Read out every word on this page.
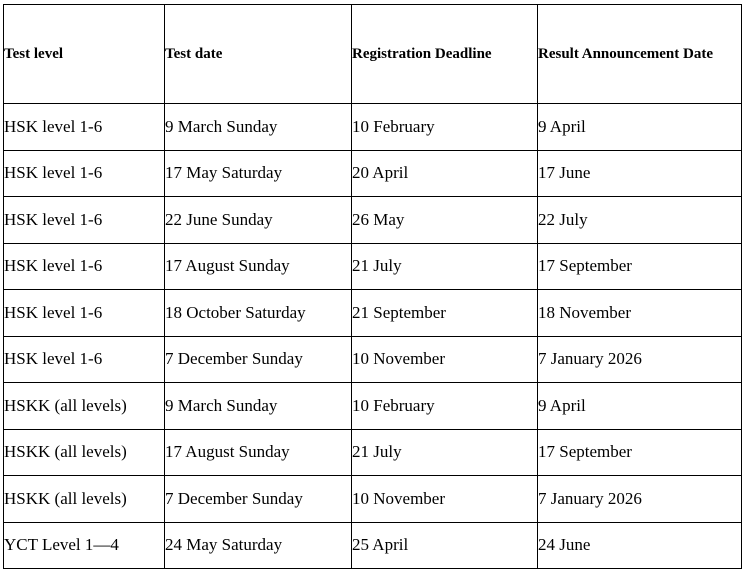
Test level	Test date	Registration Deadline	Result Announcement Date
HSK level 1-6	9 March Sunday	10 February	9 April
HSK level 1-6	17 May Saturday	20 April	17 June
HSK level 1-6	22 June Sunday	26 May	22 July
HSK level 1-6	17 August Sunday	21 July	17 September
HSK level 1-6	18 October Saturday	21 September	18 November
HSK level 1-6	7 December Sunday	10 November	7 January 2026
HSKK (all levels)	9 March Sunday	10 February	9 April
HSKK (all levels)	17 August Sunday	21 July	17 September
HSKK (all levels)	7 December Sunday	10 November	7 January 2026
YCT Level 1—4	24 May Saturday	25 April	24 June
